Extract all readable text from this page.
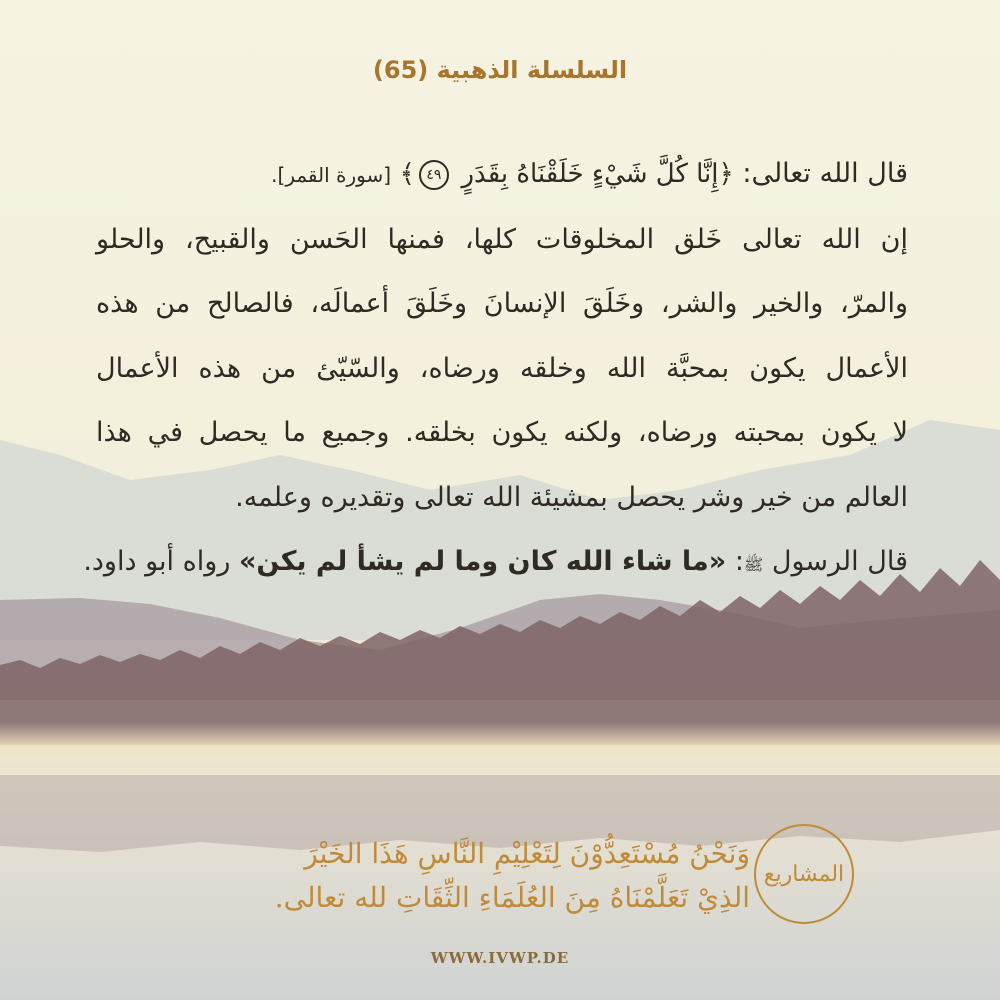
السلسلة الذهبية (65)
قال الله تعالى: ﴿إِنَّا كُلَّ شَيْءٍ خَلَقْنَاهُ بِقَدَرٍ ٤٩﴾ [سورة القمر].
إن الله تعالى خَلق المخلوقات كلها، فمنها الحَسن والقبيح، والحلو
والمرّ، والخير والشر، وخَلَقَ الإنسانَ وخَلَقَ أعمالَه، فالصالح من هذه
الأعمال يكون بمحبَّة الله وخلقه ورضاه، والسّيّئ من هذه الأعمال
لا يكون بمحبته ورضاه، ولكنه يكون بخلقه. وجميع ما يحصل في هذا
العالم من خير وشر يحصل بمشيئة الله تعالى وتقديره وعلمه.
قال الرسول ﷺ: «ما شاء الله كان وما لم يشأ لم يكن» رواه أبو داود.
المشاريع
وَنَحْنُ مُسْتَعِدُّوْنَ لِتَعْلِيْمِ النَّاسِ هَذَا الخَيْرَ
الذِيْ تَعَلَّمْنَاهُ مِنَ العُلَمَاءِ الثِّقَاتِ لله تعالى.
WWW.IVWP.DE
